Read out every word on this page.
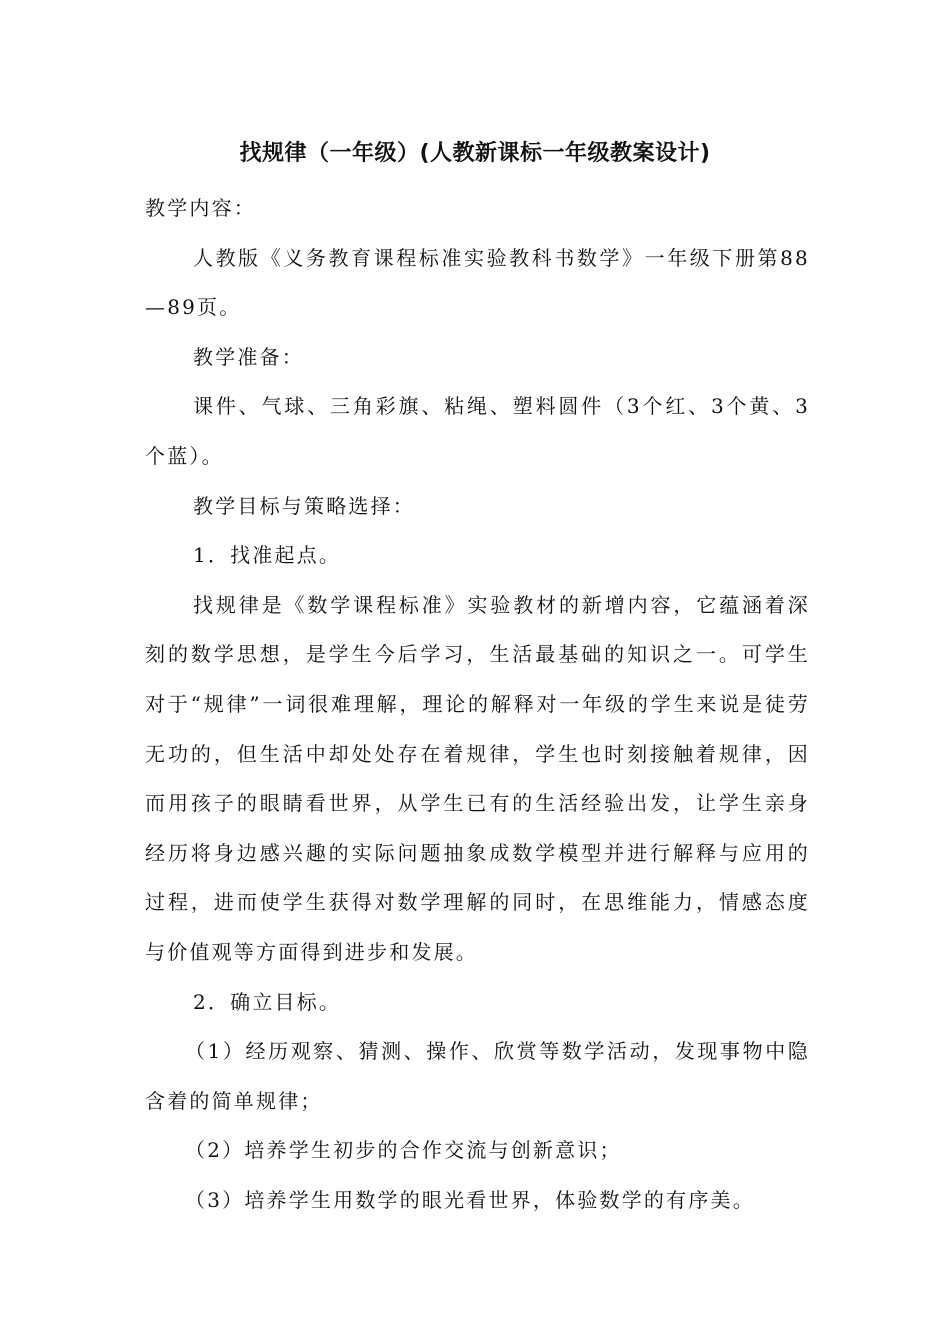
找规律（一年级）(人教新课标一年级教案设计)

教学内容：

人教版《义务教育课程标准实验教科书数学》一年级下册第88—89页。

教学准备：

课件、气球、三角彩旗、粘绳、塑料圆件（3个红、3个黄、3个蓝）。

教学目标与策略选择：

1．找准起点。

找规律是《数学课程标准》实验教材的新增内容，它蕴涵着深刻的数学思想，是学生今后学习，生活最基础的知识之一。可学生对于“规律”一词很难理解，理论的解释对一年级的学生来说是徒劳无功的，但生活中却处处存在着规律，学生也时刻接触着规律，因而用孩子的眼睛看世界，从学生已有的生活经验出发，让学生亲身经历将身边感兴趣的实际问题抽象成数学模型并进行解释与应用的过程，进而使学生获得对数学理解的同时，在思维能力，情感态度与价值观等方面得到进步和发展。

2．确立目标。

（1）经历观察、猜测、操作、欣赏等数学活动，发现事物中隐含着的简单规律；

（2）培养学生初步的合作交流与创新意识；

（3）培养学生用数学的眼光看世界，体验数学的有序美。
